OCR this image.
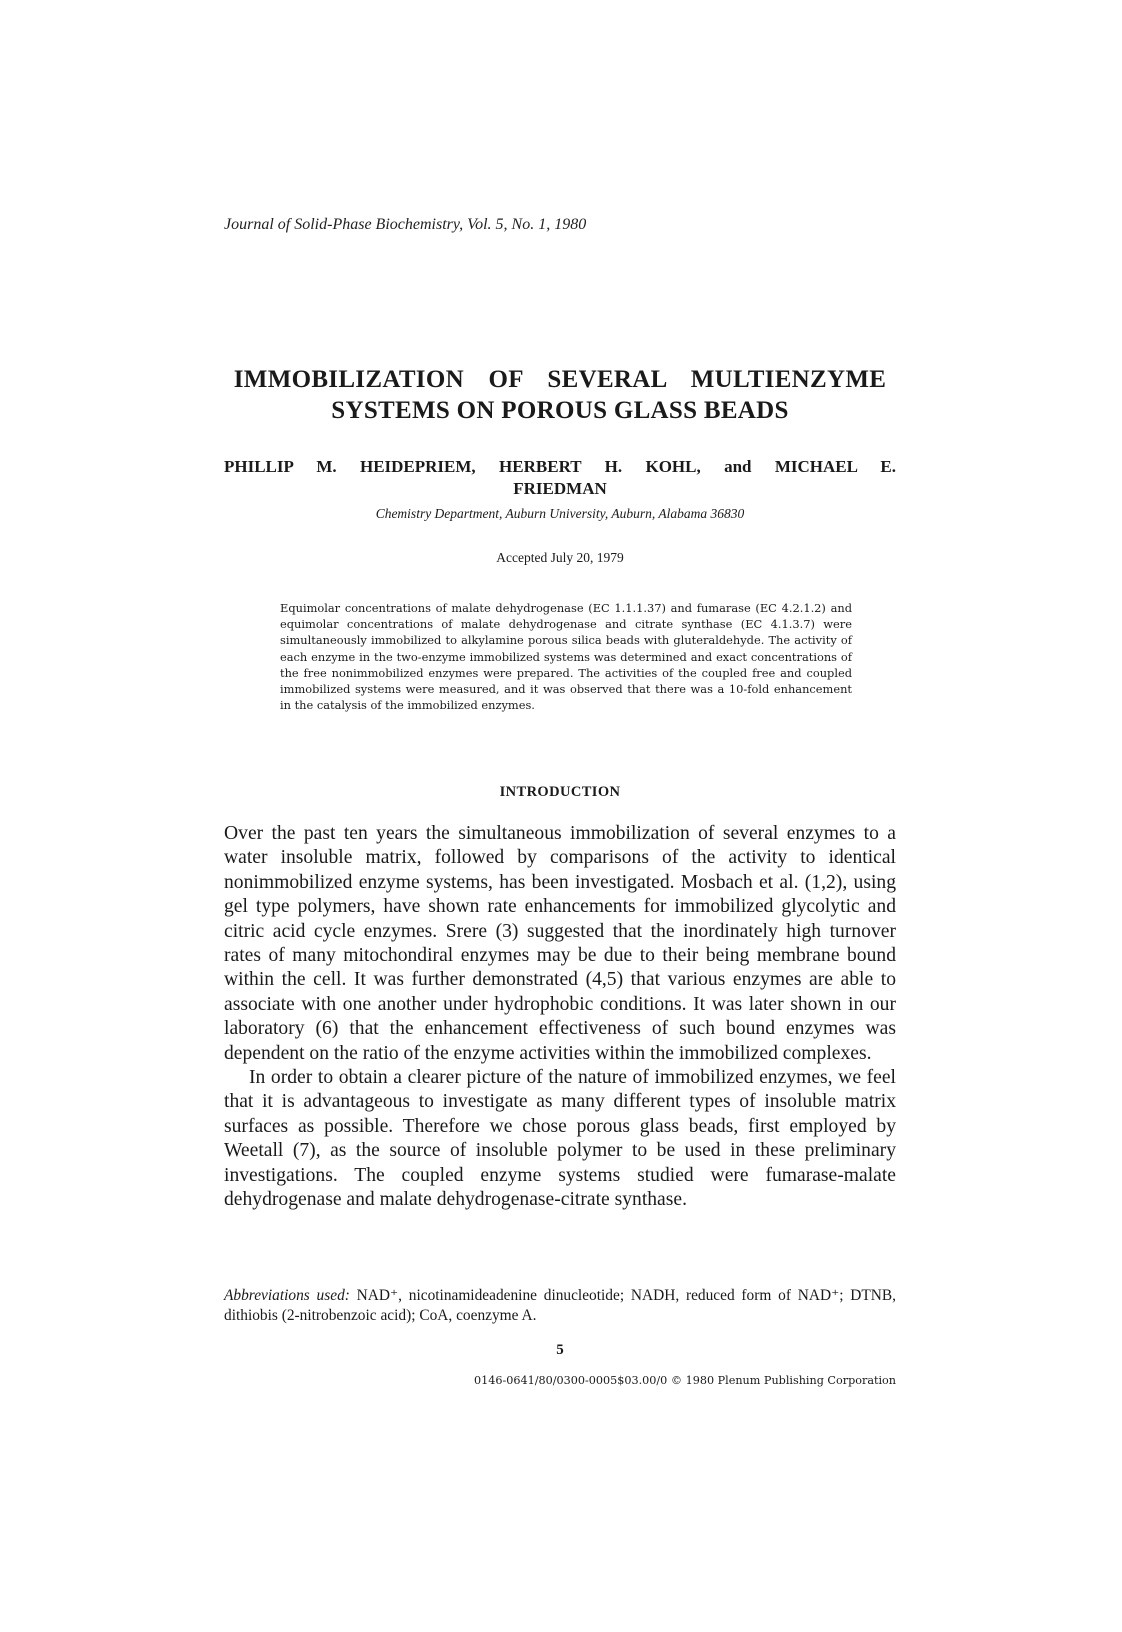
Journal of Solid-Phase Biochemistry, Vol. 5, No. 1, 1980
IMMOBILIZATION OF SEVERAL MULTIENZYME
SYSTEMS ON POROUS GLASS BEADS
PHILLIP M. HEIDEPRIEM, HERBERT H. KOHL, and MICHAEL E.
FRIEDMAN
Chemistry Department, Auburn University, Auburn, Alabama 36830
Accepted July 20, 1979
Equimolar concentrations of malate dehydrogenase (EC 1.1.1.37) and fumarase (EC 4.2.1.2) and equimolar concentrations of malate dehydrogenase and citrate synthase (EC 4.1.3.7) were simultaneously immobilized to alkylamine porous silica beads with gluteraldehyde. The activity of each enzyme in the two-enzyme immobilized systems was determined and exact concentrations of the free nonimmobilized enzymes were prepared. The activities of the coupled free and coupled immobilized systems were measured, and it was observed that there was a 10-fold enhancement in the catalysis of the immobilized enzymes.
INTRODUCTION

Over the past ten years the simultaneous immobilization of several enzymes to a water insoluble matrix, followed by comparisons of the activity to identical nonimmobilized enzyme systems, has been investigated. Mosbach et al. (1,2), using gel type polymers, have shown rate enhancements for immobilized glycolytic and citric acid cycle enzymes. Srere (3) suggested that the inordinately high turnover rates of many mitochondiral enzymes may be due to their being membrane bound within the cell. It was further demonstrated (4,5) that various enzymes are able to associate with one another under hydrophobic conditions. It was later shown in our laboratory (6) that the enhancement effectiveness of such bound enzymes was dependent on the ratio of the enzyme activities within the immobilized complexes.

In order to obtain a clearer picture of the nature of immobilized enzymes, we feel that it is advantageous to investigate as many different types of insoluble matrix surfaces as possible. Therefore we chose porous glass beads, first employed by Weetall (7), as the source of insoluble polymer to be used in these preliminary investigations. The coupled enzyme systems studied were fumarase-malate dehydrogenase and malate dehydrogenase-citrate synthase.

Abbreviations used: NAD⁺, nicotinamideadenine dinucleotide; NADH, reduced form of NAD⁺; DTNB, dithiobis (2-nitrobenzoic acid); CoA, coenzyme A.
5
0146-0641/80/0300-0005$03.00/0 © 1980 Plenum Publishing Corporation
